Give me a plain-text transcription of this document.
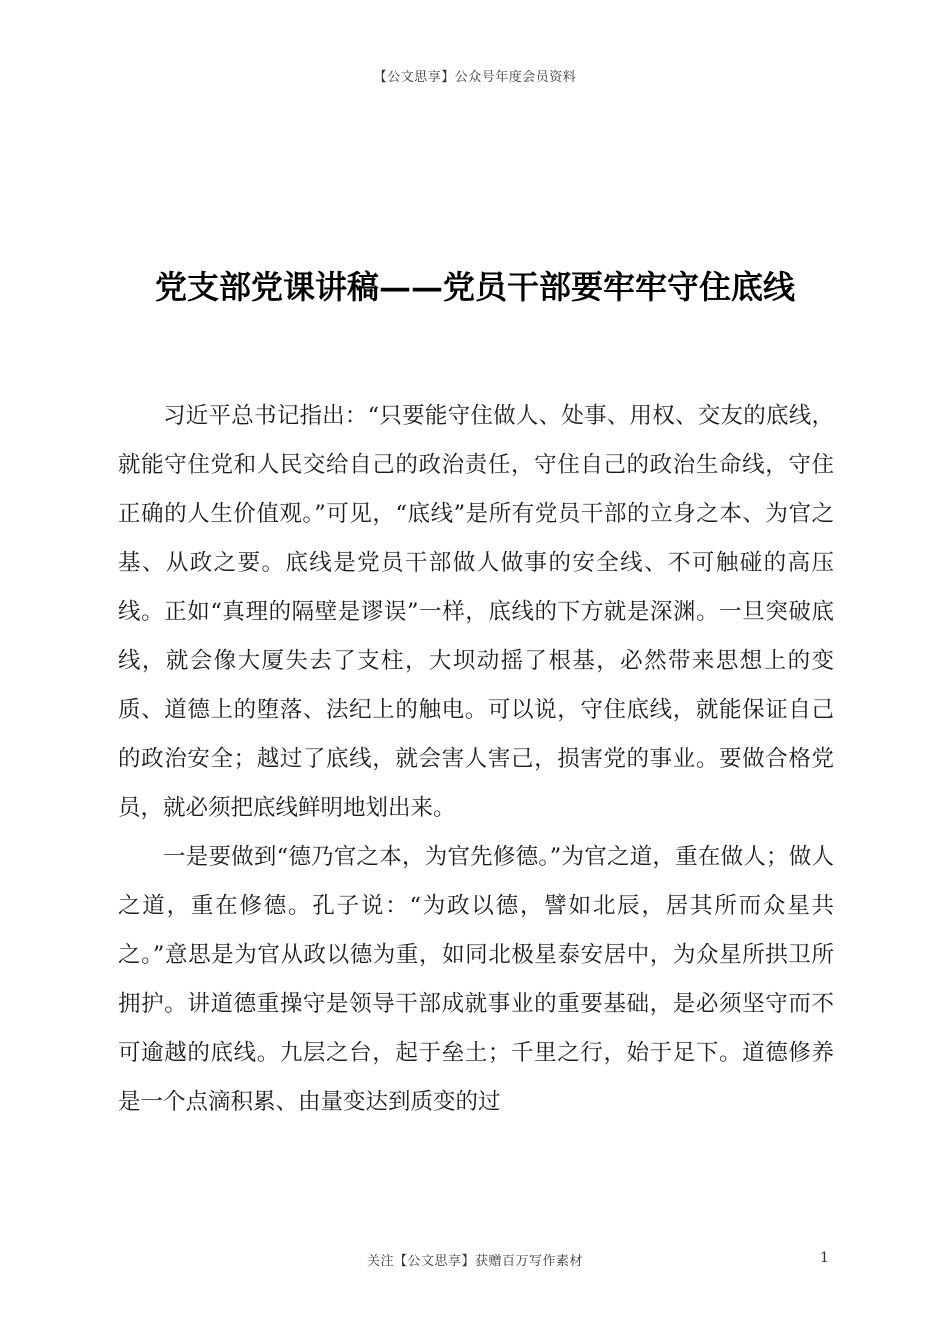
【公文思享】公众号年度会员资料
党支部党课讲稿——党员干部要牢牢守住底线

习近平总书记指出：“只要能守住做人、处事、用权、交友的底线，就能守住党和人民交给自己的政治责任，守住自己的政治生命线，守住正确的人生价值观。”可见，“底线”是所有党员干部的立身之本、为官之基、从政之要。底线是党员干部做人做事的安全线、不可触碰的高压线。正如“真理的隔壁是谬误”一样，底线的下方就是深渊。一旦突破底线，就会像大厦失去了支柱，大坝动摇了根基，必然带来思想上的变质、道德上的堕落、法纪上的触电。可以说，守住底线，就能保证自己的政治安全；越过了底线，就会害人害己，损害党的事业。要做合格党员，就必须把底线鲜明地划出来。

一是要做到“德乃官之本，为官先修德。”为官之道，重在做人；做人之道，重在修德。孔子说：“为政以德，譬如北辰，居其所而众星共之。”意思是为官从政以德为重，如同北极星泰安居中，为众星所拱卫所拥护。讲道德重操守是领导干部成就事业的重要基础，是必须坚守而不可逾越的底线。九层之台，起于垒土；千里之行，始于足下。道德修养是一个点滴积累、由量变达到质变的过

关注【公文思享】获赠百万写作素材	1
